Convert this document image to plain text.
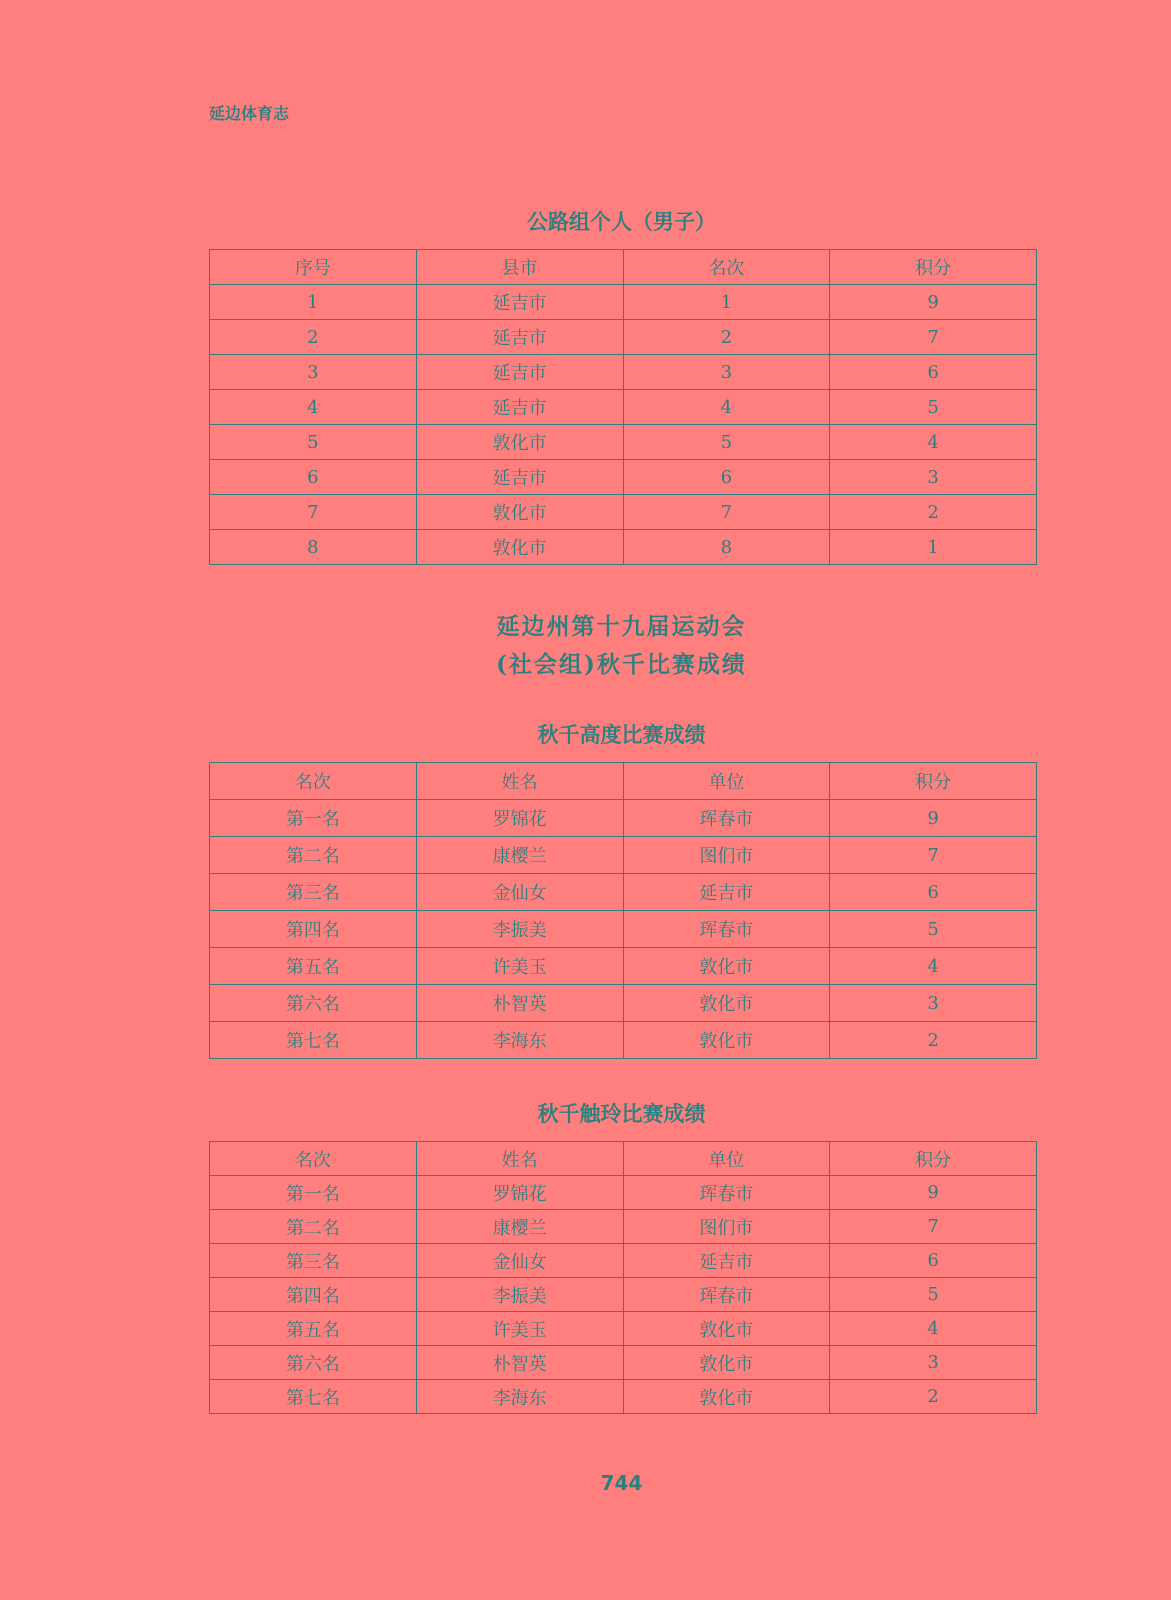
延边体育志
公路组个人（男子）
序号	县市	名次	积分
1	延吉市	1	9
2	延吉市	2	7
3	延吉市	3	6
4	延吉市	4	5
5	敦化市	5	4
6	延吉市	6	3
7	敦化市	7	2
8	敦化市	8	1
延边州第十九届运动会
(社会组)秋千比赛成绩
秋千高度比赛成绩
名次	姓名	单位	积分
第一名	罗锦花	珲春市	9
第二名	康樱兰	图们市	7
第三名	金仙女	延吉市	6
第四名	李振美	珲春市	5
第五名	许美玉	敦化市	4
第六名	朴智英	敦化市	3
第七名	李海东	敦化市	2
秋千触玲比赛成绩
名次	姓名	单位	积分
第一名	罗锦花	珲春市	9
第二名	康樱兰	图们市	7
第三名	金仙女	延吉市	6
第四名	李振美	珲春市	5
第五名	许美玉	敦化市	4
第六名	朴智英	敦化市	3
第七名	李海东	敦化市	2
744
